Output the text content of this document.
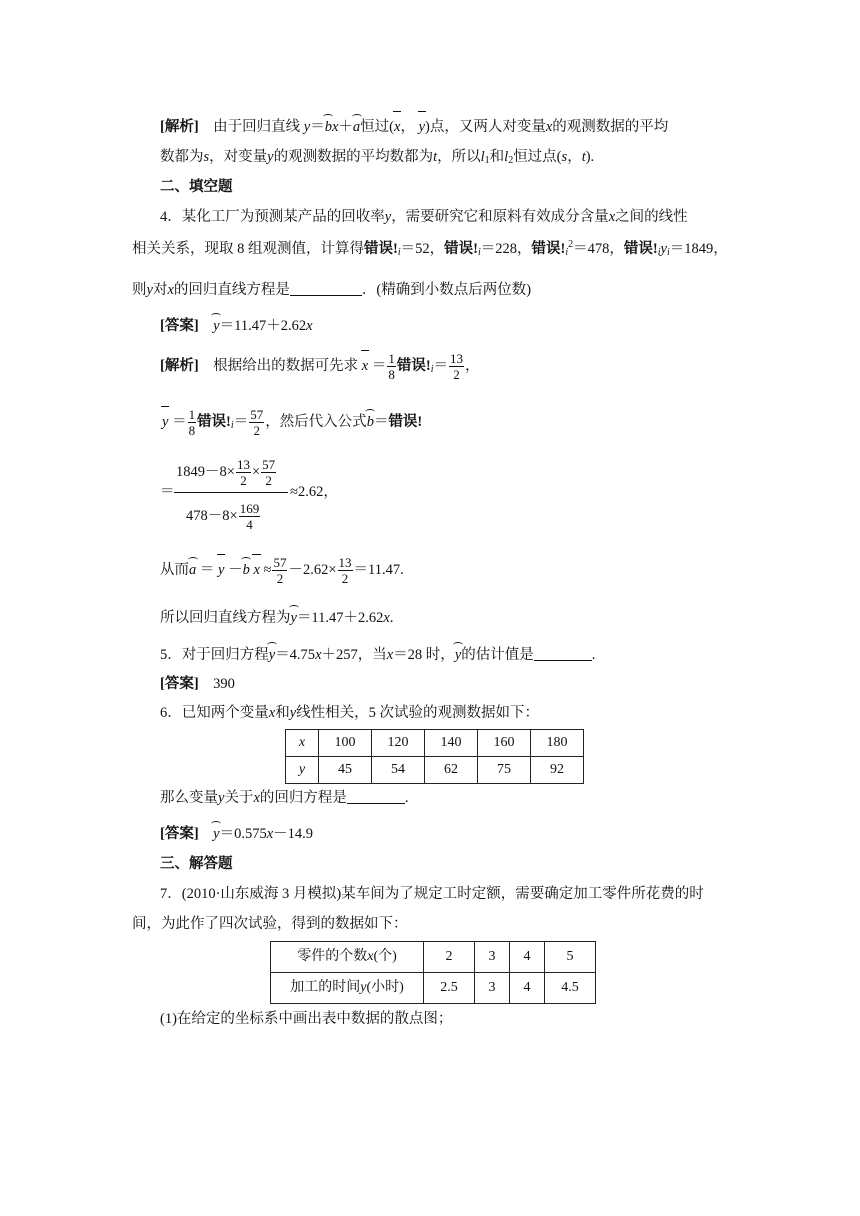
[解析] 由于回归直线 y＝bx＋a恒过(x， y)点，又两人对变量x的观测数据的平均
数都为s，对变量y的观测数据的平均数都为t，所以$l_1$和$l_2$恒过点(s，t).
二、填空题
4．某化工厂为预测某产品的回收率y，需要研究它和原料有效成分含量x之间的线性
相关关系，现取 8 组观测值，计算得错误$!_i=52$，错误$!_i=228$，错误$!_i^2=478$，错误$!_iy_i=1849$，
则y对x的回归直线方程是	．(精确到小数点后两位数)
[答案] y＝11.47＋2.62x
[解析] 根据给出的数据可先求 $x = \frac{1}{8}$ 错误$!_i= \frac{13}{2}$ ，
$y = \frac{1}{8}$ 错误$!_i= \frac{57}{2}$ ，然后代入公式b＝错误!
＝
$1849-8\times \frac{13}{2} \times \frac{57}{2}$
≈2.62，
$478-8\times \frac{169}{4}$
从而a ＝ y －b $x \approx \frac{57}{2} -2.62\times \frac{13}{2} =11.47$.
所以回归直线方程为y＝11.47＋2.62x.
5．对于回归方程y＝4.75x＋257，当x＝28 时，y的估计值是	.
[答案] 390
6．已知两个变量x和y线性相关，5 次试验的观测数据如下：
x	100	120	140	160	180
y	45	54	62	75	92
那么变量y关于x的回归方程是	.
[答案] y＝0.575x－14.9
三、解答题
7．(2010·山东威海 3 月模拟)某车间为了规定工时定额，需要确定加工零件所花费的时
间，为此作了四次试验，得到的数据如下：
零件的个数x(个)	2	3	4	5
加工的时间y(小时)	2.5	3	4	4.5
(1)在给定的坐标系中画出表中数据的散点图；
